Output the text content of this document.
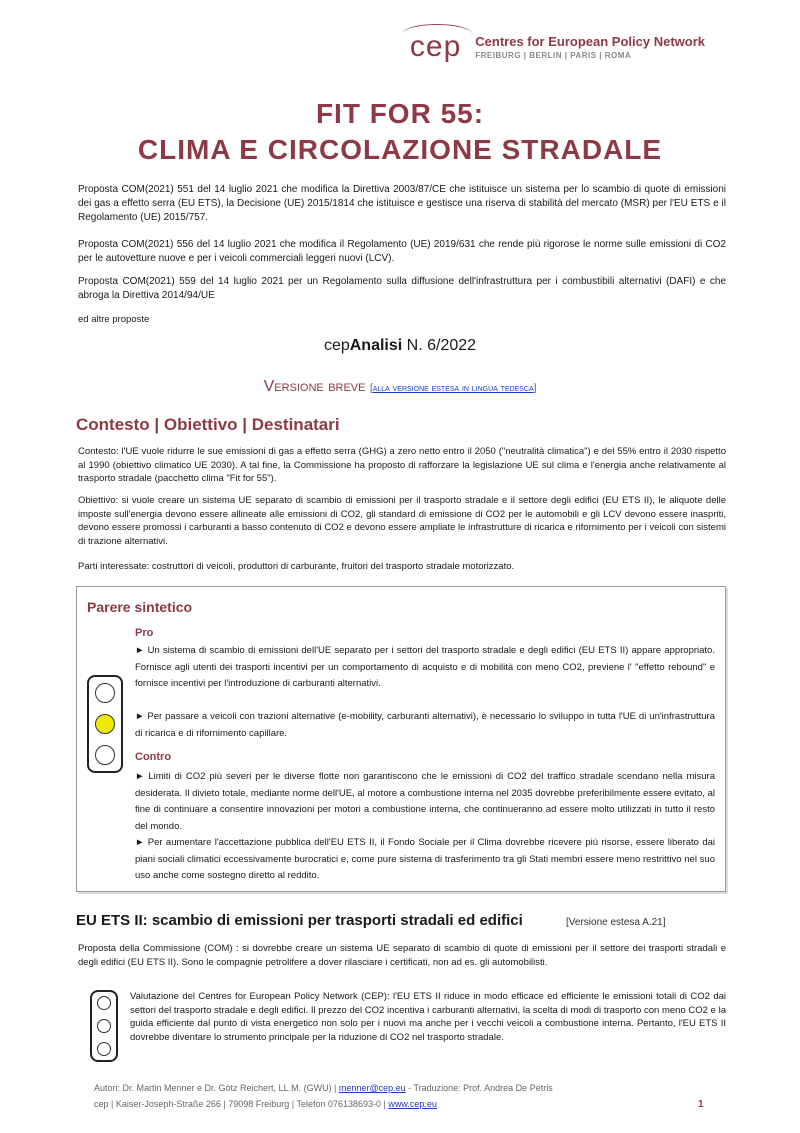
cep Centres for European Policy Network
FREIBURG | BERLIN | PARIS | ROMA
FIT FOR 55:
CLIMA E CIRCOLAZIONE STRADALE
Proposta COM(2021) 551 del 14 luglio 2021 che modifica la Direttiva 2003/87/CE che istituisce un sistema per lo scambio di quote di emissioni dei gas a effetto serra (EU ETS), la Decisione (UE) 2015/1814 che istituisce e gestisce una riserva di stabilità del mercato (MSR) per l'EU ETS e il Regolamento (UE) 2015/757.
Proposta COM(2021) 556 del 14 luglio 2021 che modifica il Regolamento (UE) 2019/631 che rende più rigorose le norme sulle emissioni di CO2 per le autovetture nuove e per i veicoli commerciali leggeri nuovi (LCV).
Proposta COM(2021) 559 del 14 luglio 2021 per un Regolamento sulla diffusione dell'infrastruttura per i combustibili alternativi (DAFI) e che abroga la Direttiva 2014/94/UE
ed altre proposte
cepAnalisi N. 6/2022
Versione breve [alla versione estesa in lingua tedesca]
Contesto | Obiettivo | Destinatari
Contesto: l'UE vuole ridurre le sue emissioni di gas a effetto serra (GHG) a zero netto entro il 2050 ("neutralità climatica") e del 55% entro il 2030 rispetto al 1990 (obiettivo climatico UE 2030). A tal fine, la Commissione ha proposto di rafforzare la legislazione UE sul clima e l'energia anche relativamente al trasporto stradale (pacchetto clima "Fit for 55").
Obiettivo: si vuole creare un sistema UE separato di scambio di emissioni per il trasporto stradale e il settore degli edifici (EU ETS II), le aliquote delle imposte sull'energia devono essere allineate alle emissioni di CO2, gli standard di emissione di CO2 per le automobili e gli LCV devono essere inaspriti, devono essere promossi i carburanti a basso contenuto di CO2 e devono essere ampliate le infrastrutture di ricarica e rifornimento per i veicoli con sistemi di trazione alternativi.
Parti interessate: costruttori di veicoli, produttori di carburante, fruitori del trasporto stradale motorizzato.
Parere sintetico
Pro
► Un sistema di scambio di emissioni dell'UE separato per i settori del trasporto stradale e degli edifici (EU ETS II) appare appropriato. Fornisce agli utenti dei trasporti incentivi per un comportamento di acquisto e di mobilità con meno CO2, previene l' "effetto rebound" e fornisce incentivi per l'introduzione di carburanti alternativi.
► Per passare a veicoli con trazioni alternative (e-mobility, carburanti alternativi), è necessario lo sviluppo in tutta l'UE di un'infrastruttura di ricarica e di rifornimento capillare.
Contro
► Limiti di CO2 più severi per le diverse flotte non garantiscono che le emissioni di CO2 del traffico stradale scendano nella misura desiderata. Il divieto totale, mediante norme dell'UE, al motore a combustione interna nel 2035 dovrebbe preferibilmente essere evitato, al fine di continuare a consentire innovazioni per motori a combustione interna, che continueranno ad essere molto utilizzati in tutto il resto del mondo.
► Per aumentare l'accettazione pubblica dell'EU ETS II, il Fondo Sociale per il Clima dovrebbe ricevere più risorse, essere liberato dai piani sociali climatici eccessivamente burocratici e, come pure sistema di trasferimento tra gli Stati membri essere meno restrittivo nel suo uso anche come sostegno diretto al reddito.
EU ETS II: scambio di emissioni per trasporti stradali ed edifici	[Versione estesa A.21]
Proposta della Commissione (COM) : si dovrebbe creare un sistema UE separato di scambio di quote di emissioni per il settore dei trasporti stradali e degli edifici (EU ETS II). Sono le compagnie petrolifere a dover rilasciare i certificati, non ad es. gli automobilisti.
Valutazione del Centres for European Policy Network (CEP): l'EU ETS II riduce in modo efficace ed efficiente le emissioni totali di CO2 dai settori del trasporto stradale e degli edifici. Il prezzo del CO2 incentiva i carburanti alternativi, la scelta di modi di trasporto con meno CO2 e la guida efficiente dal punto di vista energetico non solo per i nuovi ma anche per i vecchi veicoli a combustione interna. Pertanto, l'EU ETS II dovrebbe diventare lo strumento principale per la riduzione di CO2 nel trasporto stradale.
Autori: Dr. Martin Menner e Dr. Götz Reichert, LL.M. (GWU) | menner@cep.eu - Traduzione: Prof. Andrea De Petris
cep | Kaiser-Joseph-Straße 266 | 79098 Freiburg | Telefon 076138693-0 | www.cep.eu	1
